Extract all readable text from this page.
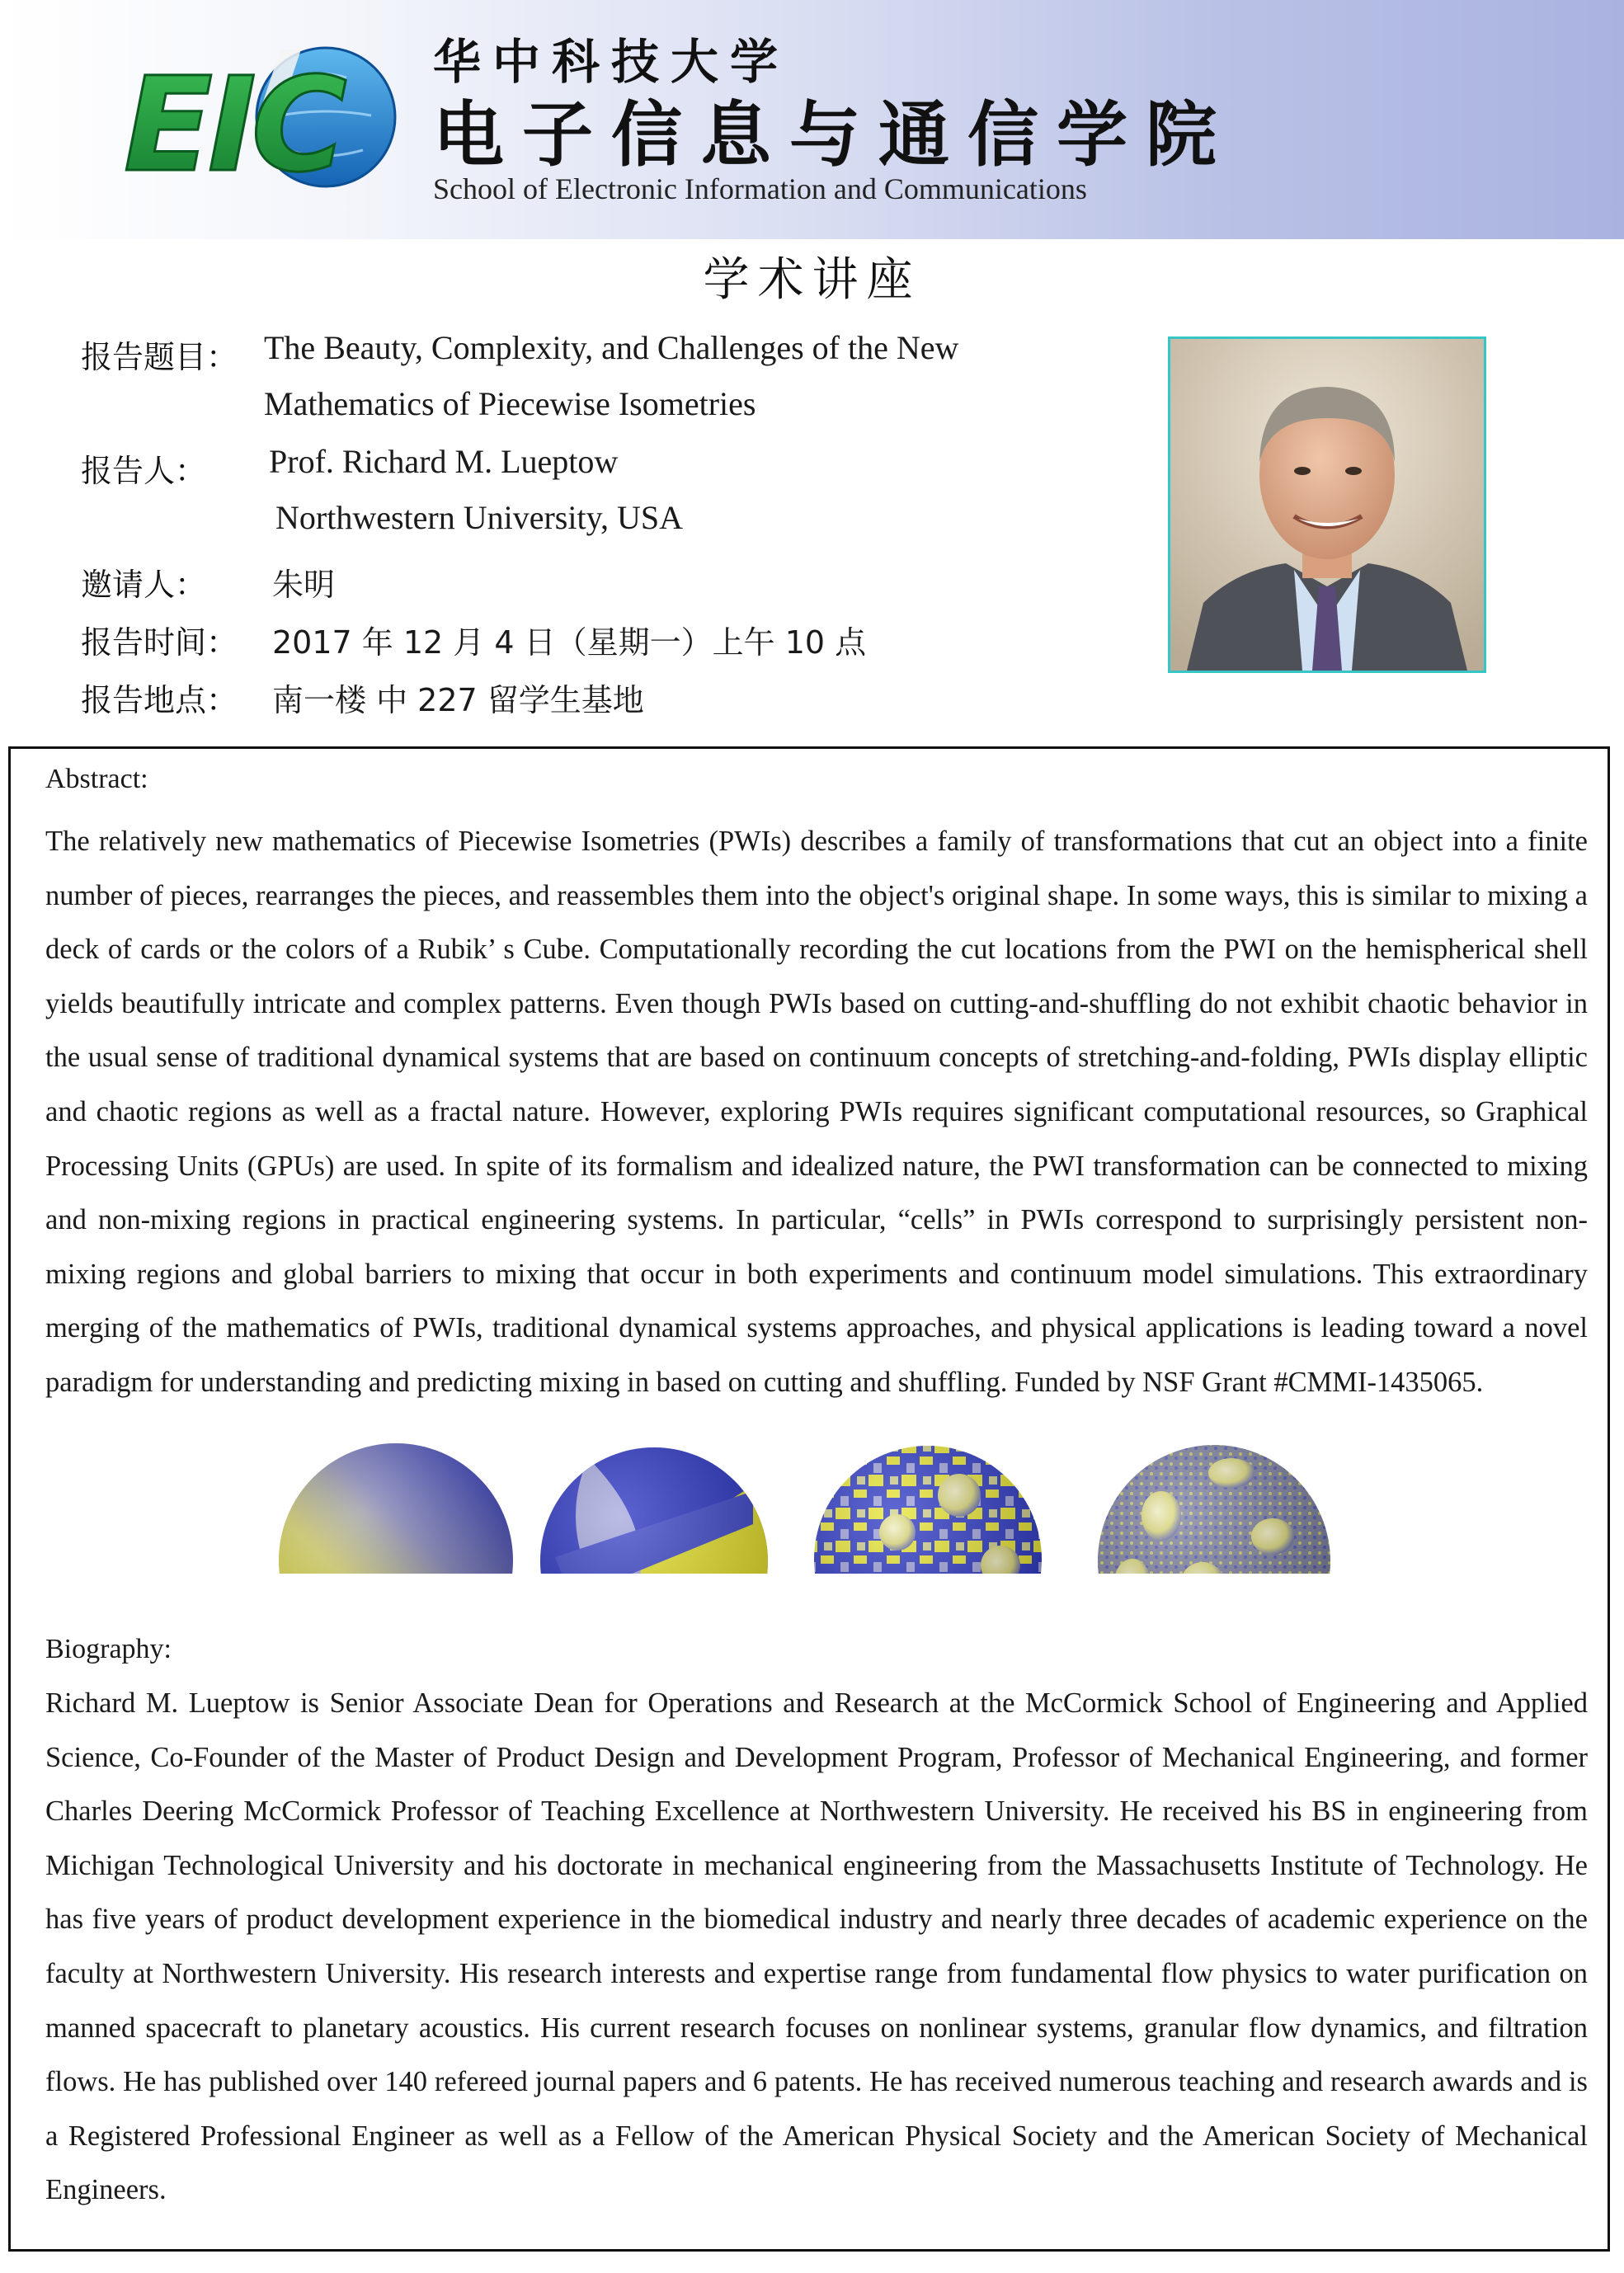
EIC 华中科技大学
电子信息与通信学院
School of Electronic Information and Communications
学术讲座
报告题目： The Beauty, Complexity, and Challenges of the New
Mathematics of Piecewise Isometries
报告人： Prof. Richard M. Lueptow
Northwestern University, USA
邀请人： 朱明
报告时间： 2017 年 12 月 4 日（星期一）上午 10 点
报告地点： 南一楼 中 227 留学生基地
Abstract:
The relatively new mathematics of Piecewise Isometries (PWIs) describes a family of transformations that cut an object into a finite number of pieces, rearranges the pieces, and reassembles them into the object's original shape. In some ways, this is similar to mixing a deck of cards or the colors of a Rubik’ s Cube. Computationally recording the cut locations from the PWI on the hemispherical shell yields beautifully intricate and complex patterns. Even though PWIs based on cutting-and-shuffling do not exhibit chaotic behavior in the usual sense of traditional dynamical systems that are based on continuum concepts of stretching-and-folding, PWIs display elliptic and chaotic regions as well as a fractal nature. However, exploring PWIs requires significant computational resources, so Graphical Processing Units (GPUs) are used. In spite of its formalism and idealized nature, the PWI transformation can be connected to mixing and non-mixing regions in practical engineering systems. In particular, “cells” in PWIs correspond to surprisingly persistent non-mixing regions and global barriers to mixing that occur in both experiments and continuum model simulations. This extraordinary merging of the mathematics of PWIs, traditional dynamical systems approaches, and physical applications is leading toward a novel paradigm for understanding and predicting mixing in based on cutting and shuffling. Funded by NSF Grant #CMMI-1435065.
Biography:
Richard M. Lueptow is Senior Associate Dean for Operations and Research at the McCormick School of Engineering and Applied Science, Co-Founder of the Master of Product Design and Development Program, Professor of Mechanical Engineering, and former Charles Deering McCormick Professor of Teaching Excellence at Northwestern University. He received his BS in engineering from Michigan Technological University and his doctorate in mechanical engineering from the Massachusetts Institute of Technology. He has five years of product development experience in the biomedical industry and nearly three decades of academic experience on the faculty at Northwestern University. His research interests and expertise range from fundamental flow physics to water purification on manned spacecraft to planetary acoustics. His current research focuses on nonlinear systems, granular flow dynamics, and filtration flows. He has published over 140 refereed journal papers and 6 patents. He has received numerous teaching and research awards and is a Registered Professional Engineer as well as a Fellow of the American Physical Society and the American Society of Mechanical Engineers.
